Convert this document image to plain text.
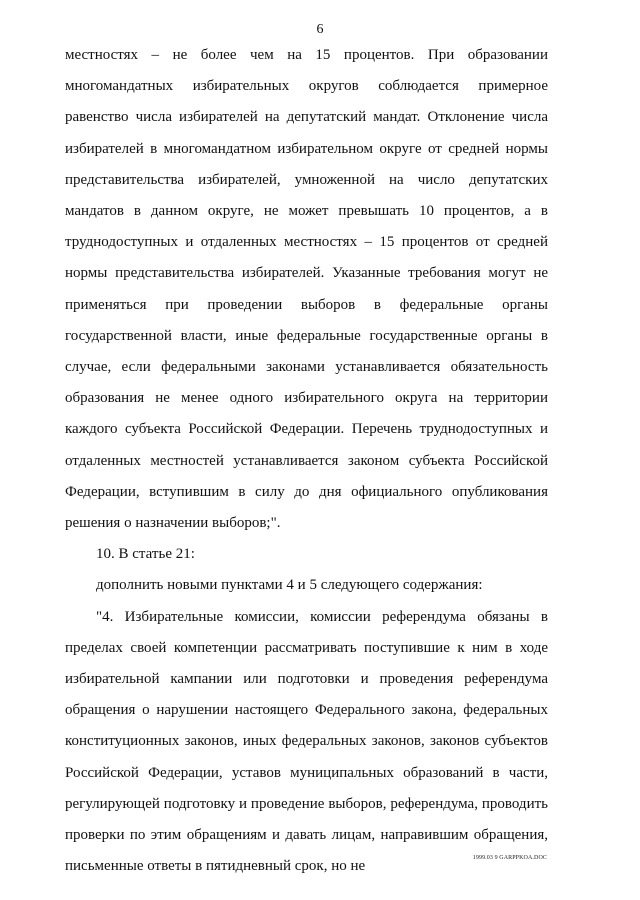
6

местностях – не более чем на 15 процентов. При образовании многомандатных избирательных округов соблюдается примерное равенство числа избирателей на депутатский мандат. Отклонение числа избирателей в многомандатном избирательном округе от средней нормы представительства избирателей, умноженной на число депутатских мандатов в данном округе, не может превышать 10 процентов, а в труднодоступных и отдаленных местностях – 15 процентов от средней нормы представительства избирателей. Указанные требования могут не применяться при проведении выборов в федеральные органы государственной власти, иные федеральные государственные органы в случае, если федеральными законами устанавливается обязательность образования не менее одного избирательного округа на территории каждого субъекта Российской Федерации. Перечень труднодоступных и отдаленных местностей устанавливается законом субъекта Российской Федерации, вступившим в силу до дня официального опубликования решения о назначении выборов;".

10. В статье 21:

дополнить новыми пунктами 4 и 5 следующего содержания:

"4. Избирательные комиссии, комиссии референдума обязаны в пределах своей компетенции рассматривать поступившие к ним в ходе избирательной кампании или подготовки и проведения референдума обращения о нарушении настоящего Федерального закона, федеральных конституционных законов, иных федеральных законов, законов субъектов Российской Федерации, уставов муниципальных образований в части, регулирующей подготовку и проведение выборов, референдума, проводить проверки по этим обращениям и давать лицам, направившим обращения, письменные ответы в пятидневный срок, но не

1999.03 9 GARPPKOA.DOC
